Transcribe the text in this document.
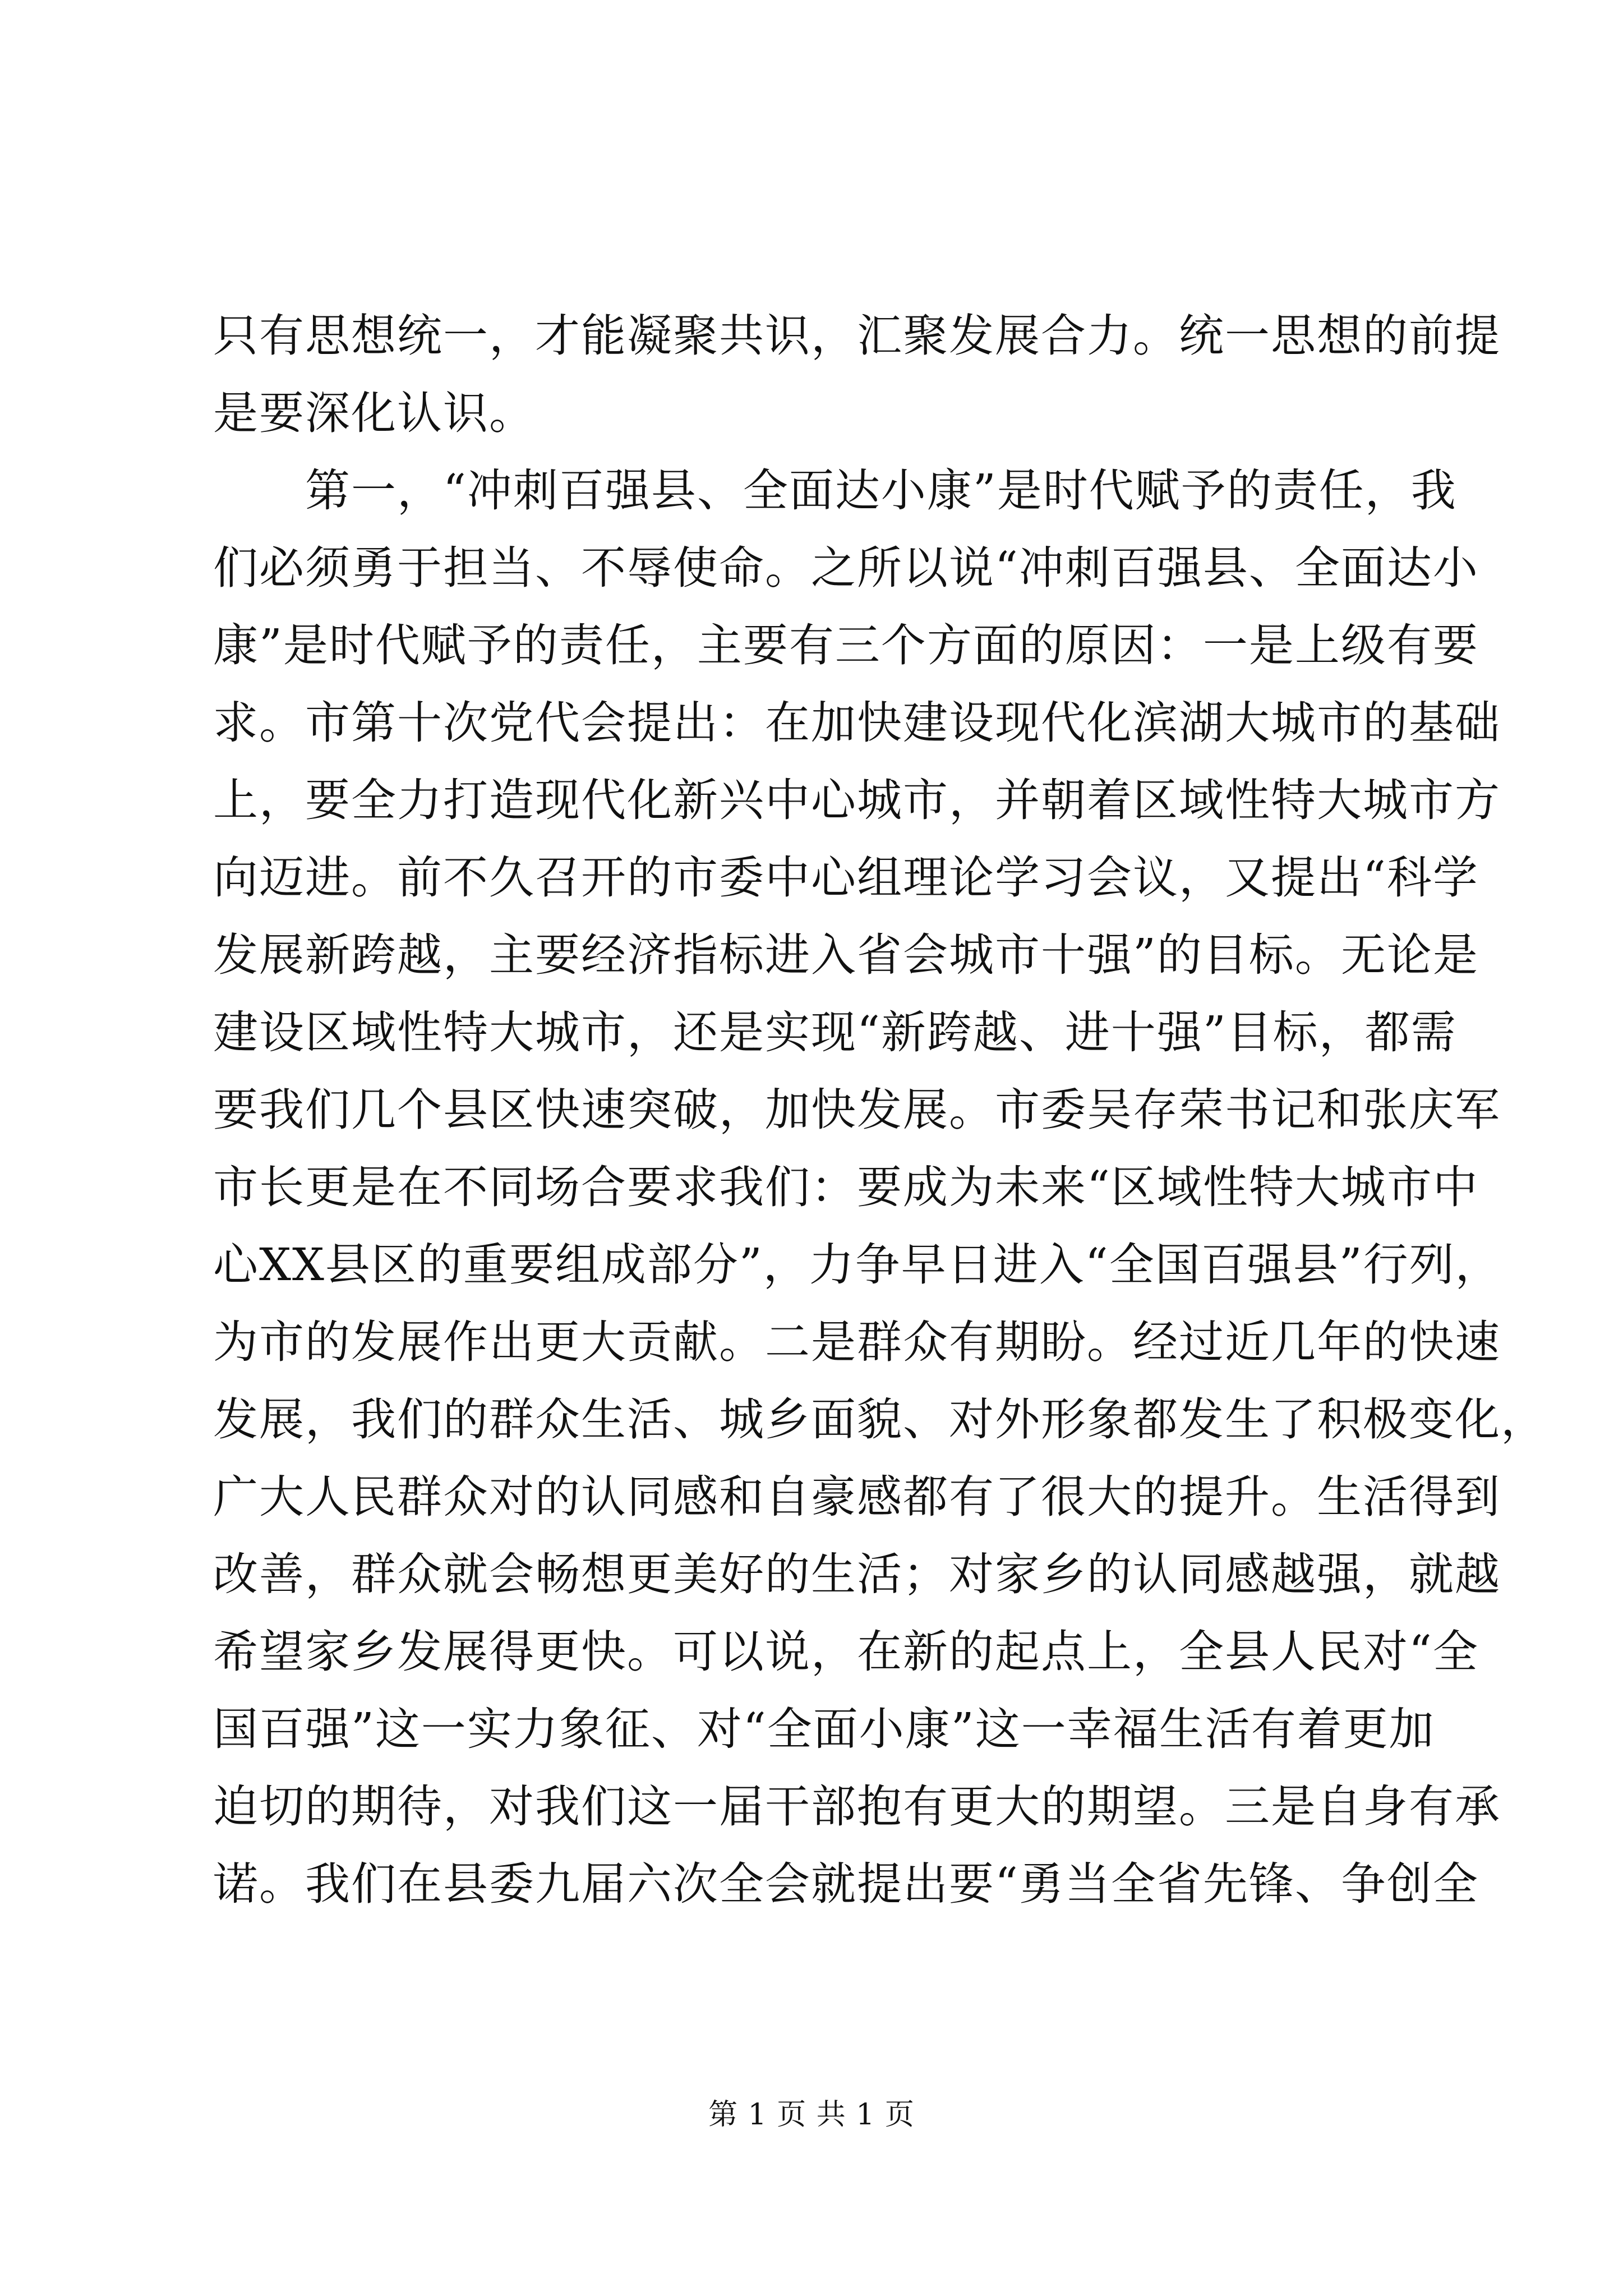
只有思想统一，才能凝聚共识，汇聚发展合力。统一思想的前提
是要深化认识。
　　第一，“冲刺百强县、全面达小康”是时代赋予的责任，我
们必须勇于担当、不辱使命。之所以说“冲刺百强县、全面达小
康”是时代赋予的责任，主要有三个方面的原因：一是上级有要
求。市第十次党代会提出：在加快建设现代化滨湖大城市的基础
上，要全力打造现代化新兴中心城市，并朝着区域性特大城市方
向迈进。前不久召开的市委中心组理论学习会议，又提出“科学
发展新跨越，主要经济指标进入省会城市十强”的目标。无论是
建设区域性特大城市，还是实现“新跨越、进十强”目标，都需
要我们几个县区快速突破，加快发展。市委吴存荣书记和张庆军
市长更是在不同场合要求我们：要成为未来“区域性特大城市中
心XX县区的重要组成部分”，力争早日进入“全国百强县”行列，
为市的发展作出更大贡献。二是群众有期盼。经过近几年的快速
发展，我们的群众生活、城乡面貌、对外形象都发生了积极变化，
广大人民群众对的认同感和自豪感都有了很大的提升。生活得到
改善，群众就会畅想更美好的生活；对家乡的认同感越强，就越
希望家乡发展得更快。可以说，在新的起点上，全县人民对“全
国百强”这一实力象征、对“全面小康”这一幸福生活有着更加
迫切的期待，对我们这一届干部抱有更大的期望。三是自身有承
诺。我们在县委九届六次全会就提出要“勇当全省先锋、争创全
第 1 页 共 1 页
